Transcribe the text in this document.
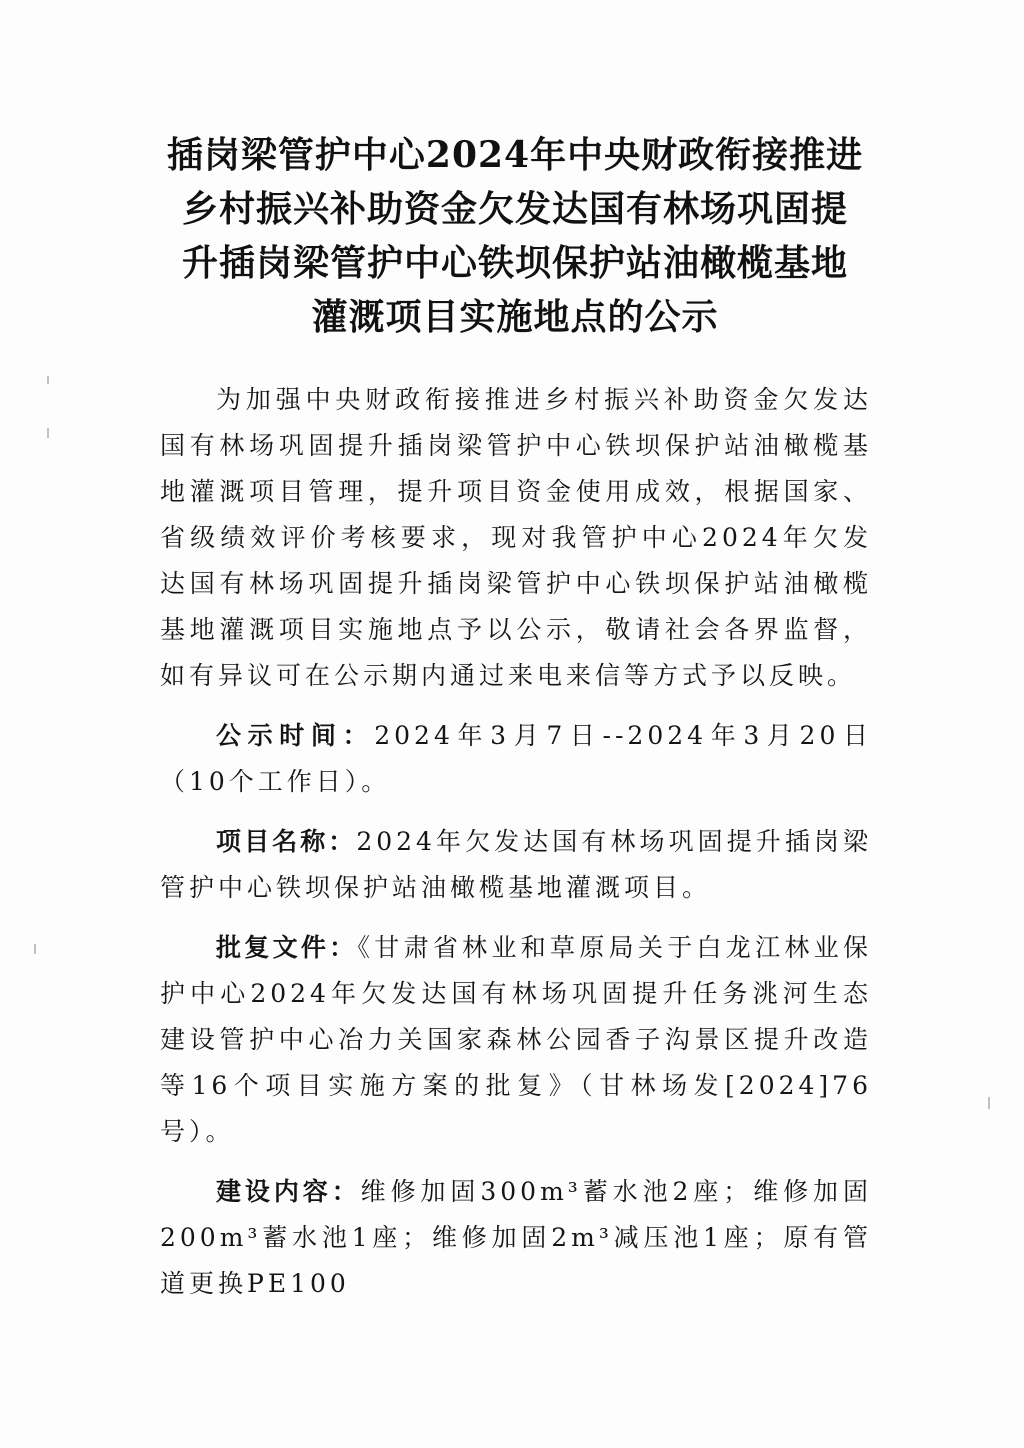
插岗梁管护中心2024年中央财政衔接推进
乡村振兴补助资金欠发达国有林场巩固提
升插岗梁管护中心铁坝保护站油橄榄基地
灌溉项目实施地点的公示

为加强中央财政衔接推进乡村振兴补助资金欠发达国有林场巩固提升插岗梁管护中心铁坝保护站油橄榄基地灌溉项目管理，提升项目资金使用成效，根据国家、省级绩效评价考核要求，现对我管护中心2024年欠发达国有林场巩固提升插岗梁管护中心铁坝保护站油橄榄基地灌溉项目实施地点予以公示，敬请社会各界监督，如有异议可在公示期内通过来电来信等方式予以反映。

公示时间：2024年3月7日--2024年3月20日（10个工作日）。

项目名称：2024年欠发达国有林场巩固提升插岗梁管护中心铁坝保护站油橄榄基地灌溉项目。

批复文件：《甘肃省林业和草原局关于白龙江林业保护中心2024年欠发达国有林场巩固提升任务洮河生态建设管护中心冶力关国家森林公园香子沟景区提升改造等16个项目实施方案的批复》（甘林场发[2024]76号）。

建设内容：维修加固300m³蓄水池2座；维修加固200m³蓄水池1座；维修加固2m³减压池1座；原有管道更换PE100
